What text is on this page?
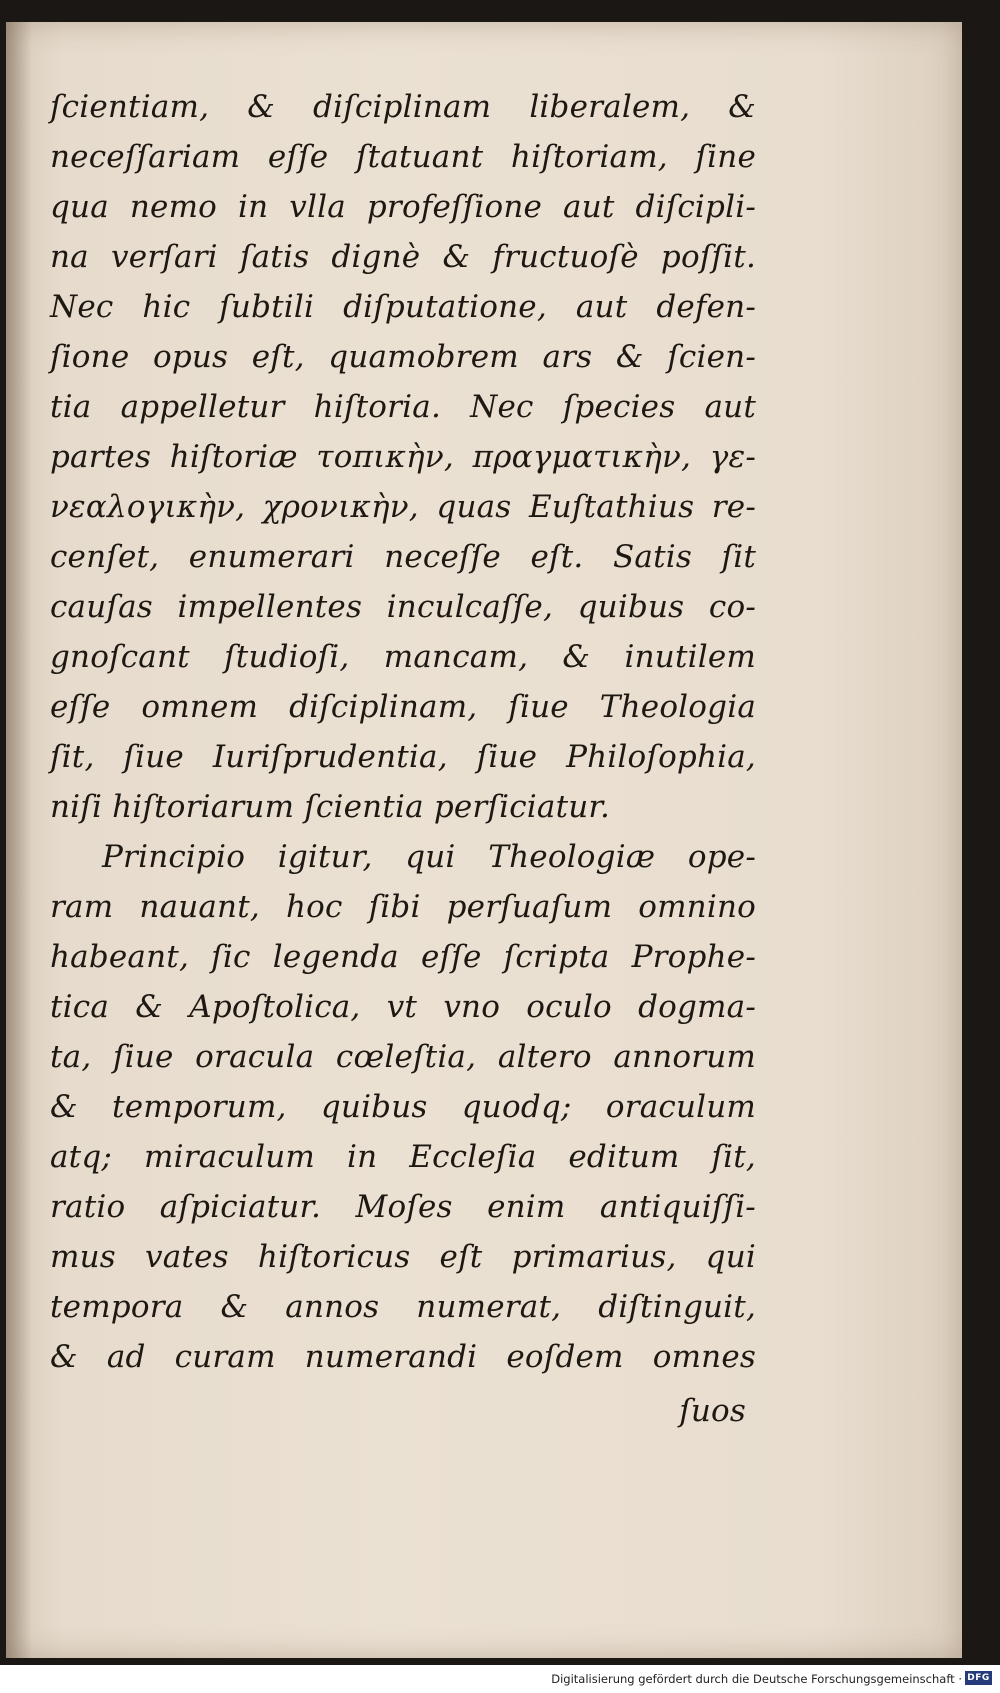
ſcientiam, & diſciplinam liberalem, &
neceſſariam eſſe ſtatuant hiſtoriam, ſine
qua nemo in vlla profeſſione aut diſcipli-
na verſari ſatis dignè & fructuoſè poſſit.
Nec hic ſubtili diſputatione, aut defen-
ſione opus eſt, quamobrem ars & ſcien-
tia appelletur hiſtoria. Nec ſpecies aut
partes hiſtoriæ τοπικὴν, πραγματικὴν, γε-
νεαλογικὴν, χρονικὴν, quas Euſtathius re-
cenſet, enumerari neceſſe eſt. Satis ſit
cauſas impellentes inculcaſſe, quibus co-
gnoſcant ſtudioſi, mancam, & inutilem
eſſe omnem diſciplinam, ſiue Theologia
ſit, ſiue Iuriſprudentia, ſiue Philoſophia,
niſi hiſtoriarum ſcientia perſiciatur.
Principio igitur, qui Theologiæ ope-
ram nauant, hoc ſibi perſuaſum omnino
habeant, ſic legenda eſſe ſcripta Prophe-
tica & Apoſtolica, vt vno oculo dogma-
ta, ſiue oracula cœleſtia, altero annorum
& temporum, quibus quodq; oraculum
atq; miraculum in Eccleſia editum ſit,
ratio aſpiciatur. Moſes enim antiquiſſi-
mus vates hiſtoricus eſt primarius, qui
tempora & annos numerat, diſtinguit,
& ad curam numerandi eoſdem omnes
ſuos
Digitalisierung gefördert durch die Deutsche Forschungsgemeinschaft · DFG
